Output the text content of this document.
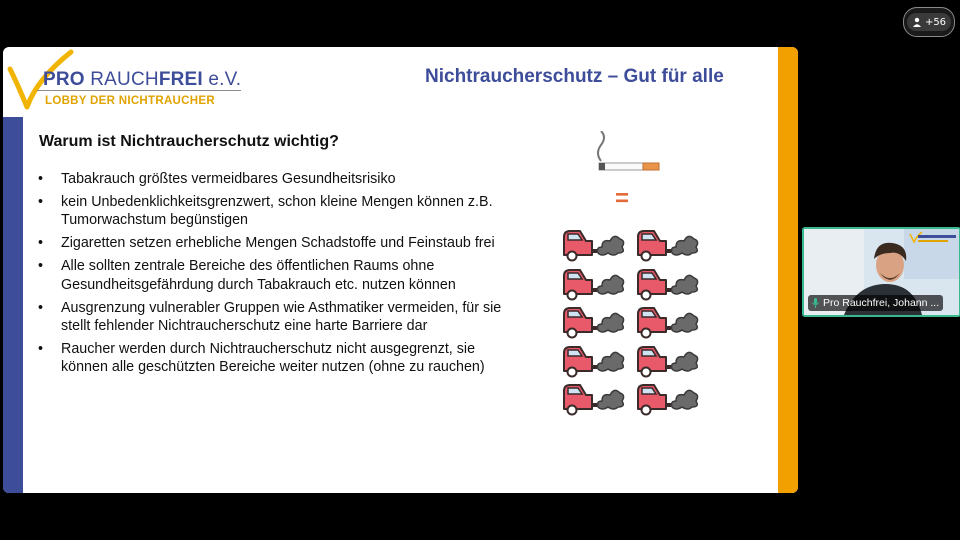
+56
PRO RAUCHFREI e.V.
LOBBY DER NICHTRAUCHER
Nichtraucherschutz – Gut für alle
Warum ist Nichtraucherschutz wichtig?
• Tabakrauch größtes vermeidbares Gesundheitsrisiko
• kein Unbedenklichkeitsgrenzwert, schon kleine Mengen können z.B. Tumorwachstum begünstigen
• Zigaretten setzen erhebliche Mengen Schadstoffe und Feinstaub frei
• Alle sollten zentrale Bereiche des öffentlichen Raums ohne Gesundheitsgefährdung durch Tabakrauch etc. nutzen können
• Ausgrenzung vulnerabler Gruppen wie Asthmatiker vermeiden, für sie stellt fehlender Nichtraucherschutz eine harte Barriere dar
• Raucher werden durch Nichtraucherschutz nicht ausgegrenzt, sie können alle geschützten Bereiche weiter nutzen (ohne zu rauchen)
=
Pro Rauchfrei, Johann ...
